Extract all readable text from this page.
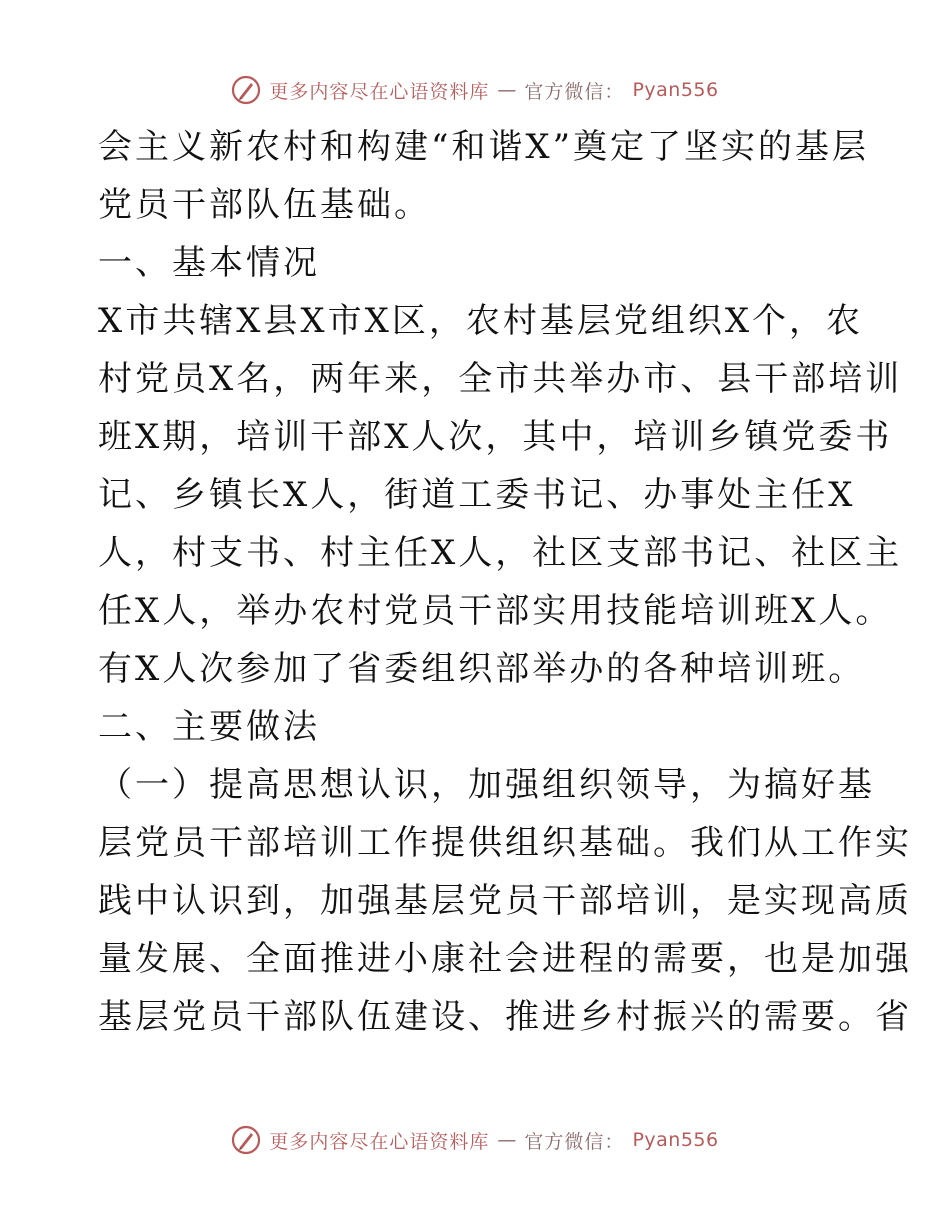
更多内容尽在心语资料库 — 官方微信： Pyan556
会主义新农村和构建“和谐X”奠定了坚实的基层
党员干部队伍基础。
一、基本情况
X市共辖X县X市X区，农村基层党组织X个，农
村党员X名，两年来，全市共举办市、县干部培训
班X期，培训干部X人次，其中，培训乡镇党委书
记、乡镇长X人，街道工委书记、办事处主任X
人，村支书、村主任X人，社区支部书记、社区主
任X人，举办农村党员干部实用技能培训班X人。
有X人次参加了省委组织部举办的各种培训班。
二、主要做法
（一）提高思想认识，加强组织领导，为搞好基
层党员干部培训工作提供组织基础。我们从工作实
践中认识到，加强基层党员干部培训，是实现高质
量发展、全面推进小康社会进程的需要，也是加强
基层党员干部队伍建设、推进乡村振兴的需要。省
更多内容尽在心语资料库 — 官方微信： Pyan556
